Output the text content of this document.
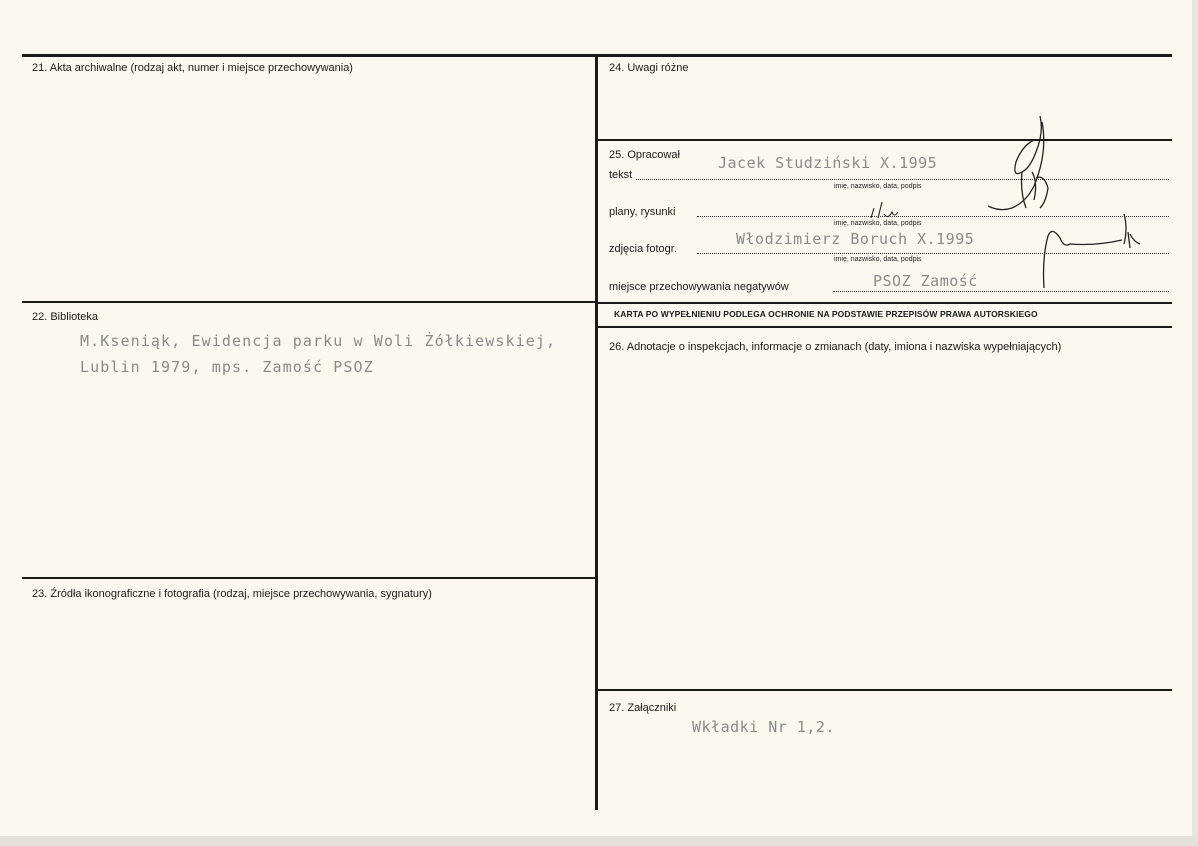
21. Akta archiwalne (rodzaj akt, numer i miejsce przechowywania)
22. Biblioteka
M.Kseniąk, Ewidencja parku w Woli Żółkiewskiej,
Lublin 1979, mps. Zamość PSOZ
23. Źródła ikonograficzne i fotografia (rodzaj, miejsce przechowywania, sygnatury)
24. Uwagi różne
25. Opracował
tekst
Jacek Studziński X.1995
imię, nazwisko, data, podpis
plany, rysunki
imię, nazwisko, data, podpis
zdjęcia fotogr.
Włodzimierz Boruch X.1995
imię, nazwisko, data, podpis
miejsce przechowywania negatywów	PSOZ Zamość
KARTA PO WYPEŁNIENIU PODLEGA OCHRONIE NA PODSTAWIE PRZEPISÓW PRAWA AUTORSKIEGO
26. Adnotacje o inspekcjach, informacje o zmianach (daty, imiona i nazwiska wypełniających)
27. Załączniki
Wkładki Nr 1,2.
